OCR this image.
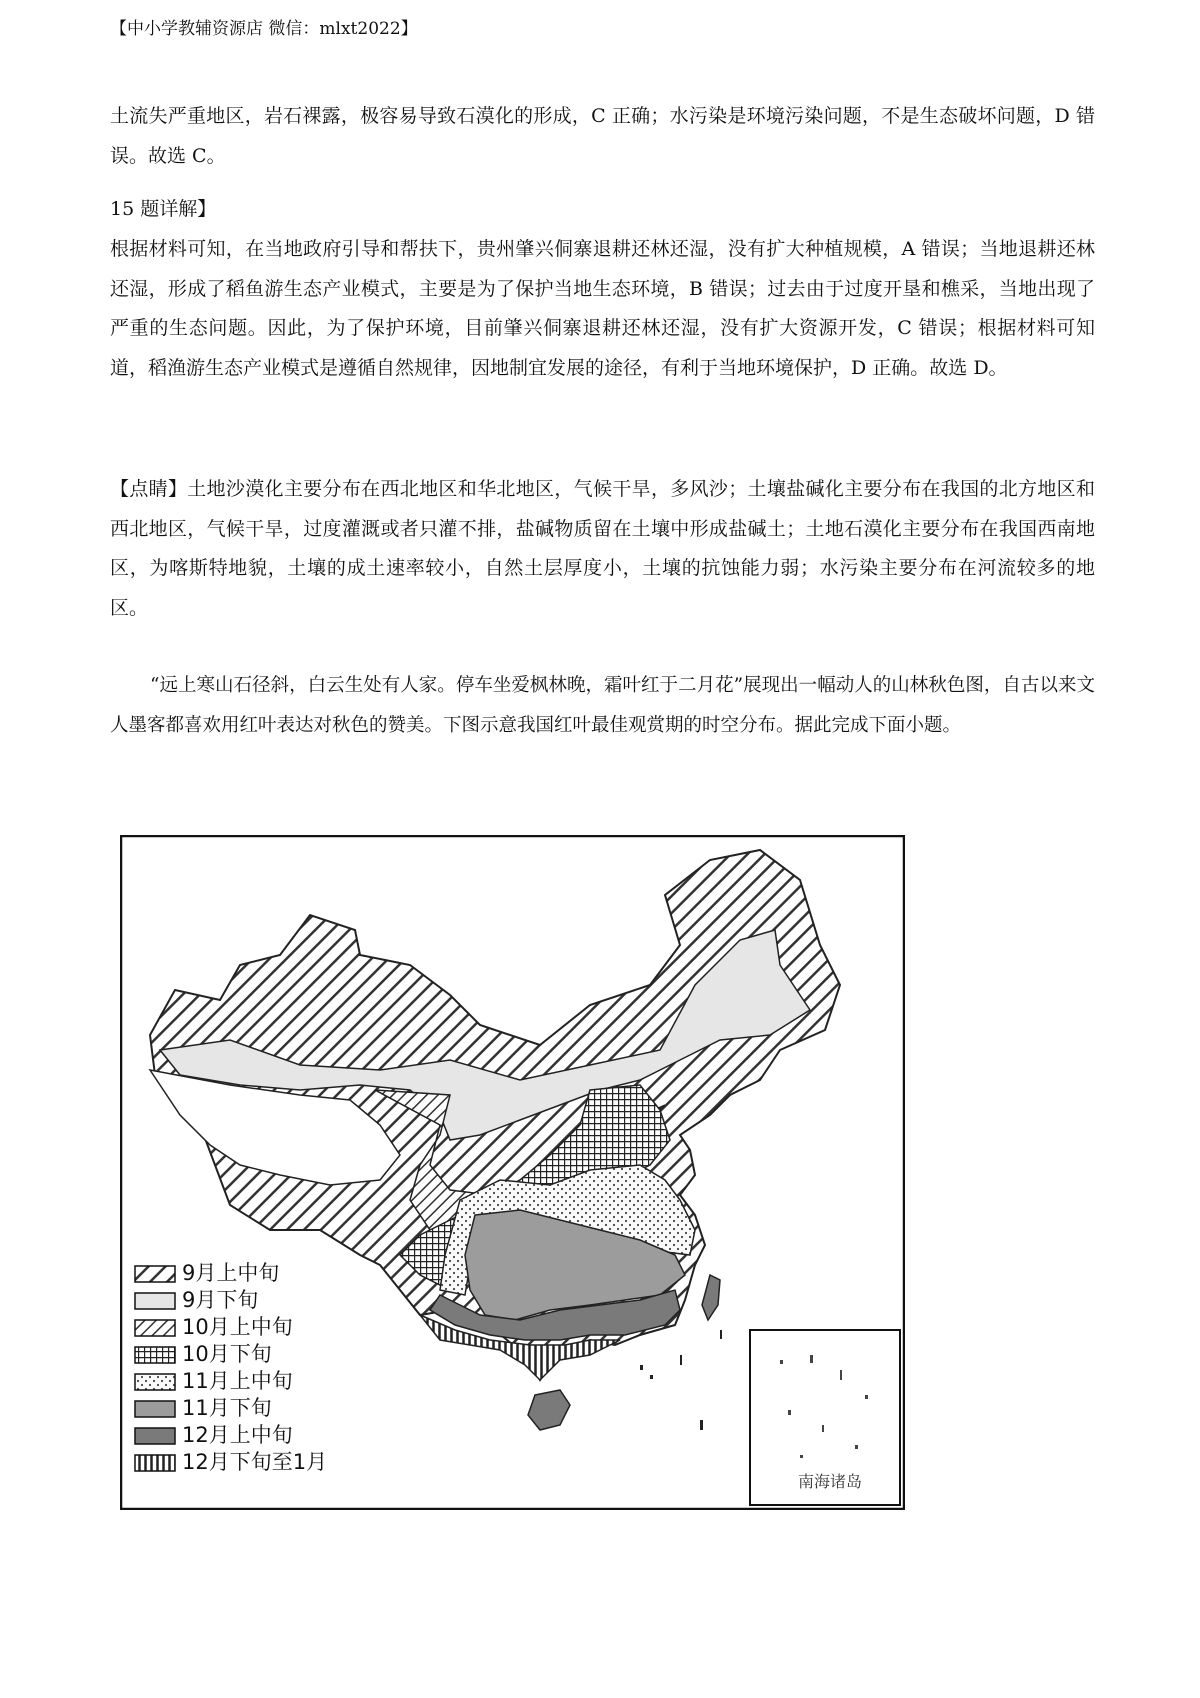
【中小学教辅资源店 微信：mlxt2022】

土流失严重地区，岩石裸露，极容易导致石漠化的形成，C 正确；水污染是环境污染问题，不是生态破坏问题，D 错误。故选 C。

15 题详解】

根据材料可知，在当地政府引导和帮扶下，贵州肇兴侗寨退耕还林还湿，没有扩大种植规模，A 错误；当地退耕还林还湿，形成了稻鱼游生态产业模式，主要是为了保护当地生态环境，B 错误；过去由于过度开垦和樵采，当地出现了严重的生态问题。因此，为了保护环境，目前肇兴侗寨退耕还林还湿，没有扩大资源开发，C 错误；根据材料可知道，稻渔游生态产业模式是遵循自然规律，因地制宜发展的途径，有利于当地环境保护，D 正确。故选 D。

【点睛】土地沙漠化主要分布在西北地区和华北地区，气候干旱，多风沙；土壤盐碱化主要分布在我国的北方地区和西北地区，气候干旱，过度灌溉或者只灌不排，盐碱物质留在土壤中形成盐碱土；土地石漠化主要分布在我国西南地区，为喀斯特地貌，土壤的成土速率较小，自然土层厚度小，土壤的抗蚀能力弱；水污染主要分布在河流较多的地区。

“远上寒山石径斜，白云生处有人家。停车坐爱枫林晚，霜叶红于二月花”展现出一幅动人的山林秋色图，自古以来文人墨客都喜欢用红叶表达对秋色的赞美。下图示意我国红叶最佳观赏期的时空分布。据此完成下面小题。

南海诸岛
9月上中旬
9月下旬
10月上中旬
10月下旬
11月上中旬
11月下旬
12月上中旬
12月下旬至1月
